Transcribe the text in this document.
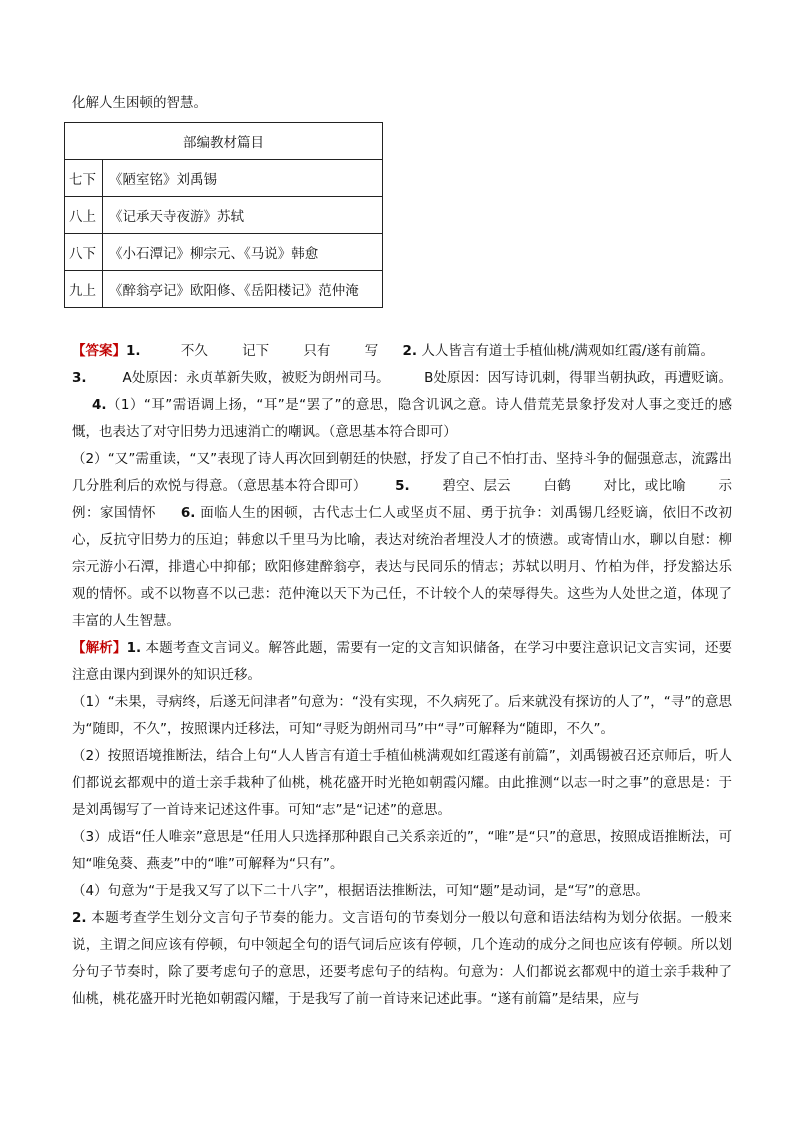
化解人生困顿的智慧。
部编教材篇目	
七下	《陋室铭》刘禹锡
八上	《记承天寺夜游》苏轼
八下	《小石潭记》柳宗元、《马说》韩愈
九上	《醉翁亭记》欧阳修、《岳阳楼记》范仲淹

【答案】1.	不久	记下	只有	写 2. 人人皆言有道士手植仙桃/满观如红霞/遂有前篇。
3.	A处原因：永贞革新失败，被贬为朗州司马。	B处原因：因写诗讥刺，得罪当朝执政，再遭贬谪。 4.（1）“耳”需语调上扬，“耳”是“罢了”的意思，隐含讥讽之意。诗人借荒芜景象抒发对人事之变迁的感慨，也表达了对守旧势力迅速消亡的嘲讽。（意思基本符合即可）

（2）“又”需重读，“又”表现了诗人再次回到朝廷的快慰，抒发了自己不怕打击、坚持斗争的倔强意志，流露出几分胜利后的欢悦与得意。（意思基本符合即可） 5. 碧空、层云 白鹤 对比，或比喻 示例：家国情怀 6. 面临人生的困顿，古代志士仁人或坚贞不屈、勇于抗争：刘禹锡几经贬谪，依旧不改初心，反抗守旧势力的压迫；韩愈以千里马为比喻，表达对统治者埋没人才的愤懑。或寄情山水，聊以自慰：柳宗元游小石潭，排遣心中抑郁；欧阳修建醉翁亭，表达与民同乐的情志；苏轼以明月、竹柏为伴，抒发豁达乐观的情怀。或不以物喜不以己悲：范仲淹以天下为己任，不计较个人的荣辱得失。这些为人处世之道，体现了丰富的人生智慧。

【解析】1. 本题考查文言词义。解答此题，需要有一定的文言知识储备，在学习中要注意识记文言实词，还要注意由课内到课外的知识迁移。

（1）“未果，寻病终，后遂无问津者”句意为：“没有实现，不久病死了。后来就没有探访的人了”，“寻”的意思为“随即，不久”，按照课内迁移法，可知“寻贬为朗州司马”中“寻”可解释为“随即，不久”。

（2）按照语境推断法，结合上句“人人皆言有道士手植仙桃满观如红霞遂有前篇”，刘禹锡被召还京师后，听人们都说玄都观中的道士亲手栽种了仙桃，桃花盛开时光艳如朝霞闪耀。由此推测“以志一时之事”的意思是：于是刘禹锡写了一首诗来记述这件事。可知“志”是“记述”的意思。

（3）成语“任人唯亲”意思是“任用人只选择那种跟自己关系亲近的”，“唯”是“只”的意思，按照成语推断法，可知“唯兔葵、燕麦”中的“唯”可解释为“只有”。

（4）句意为“于是我又写了以下二十八字”，根据语法推断法，可知“题”是动词，是“写”的意思。

2. 本题考查学生划分文言句子节奏的能力。文言语句的节奏划分一般以句意和语法结构为划分依据。一般来说，主谓之间应该有停顿，句中领起全句的语气词后应该有停顿，几个连动的成分之间也应该有停顿。所以划分句子节奏时，除了要考虑句子的意思，还要考虑句子的结构。句意为：人们都说玄都观中的道士亲手栽种了仙桃，桃花盛开时光艳如朝霞闪耀，于是我写了前一首诗来记述此事。“遂有前篇”是结果，应与
